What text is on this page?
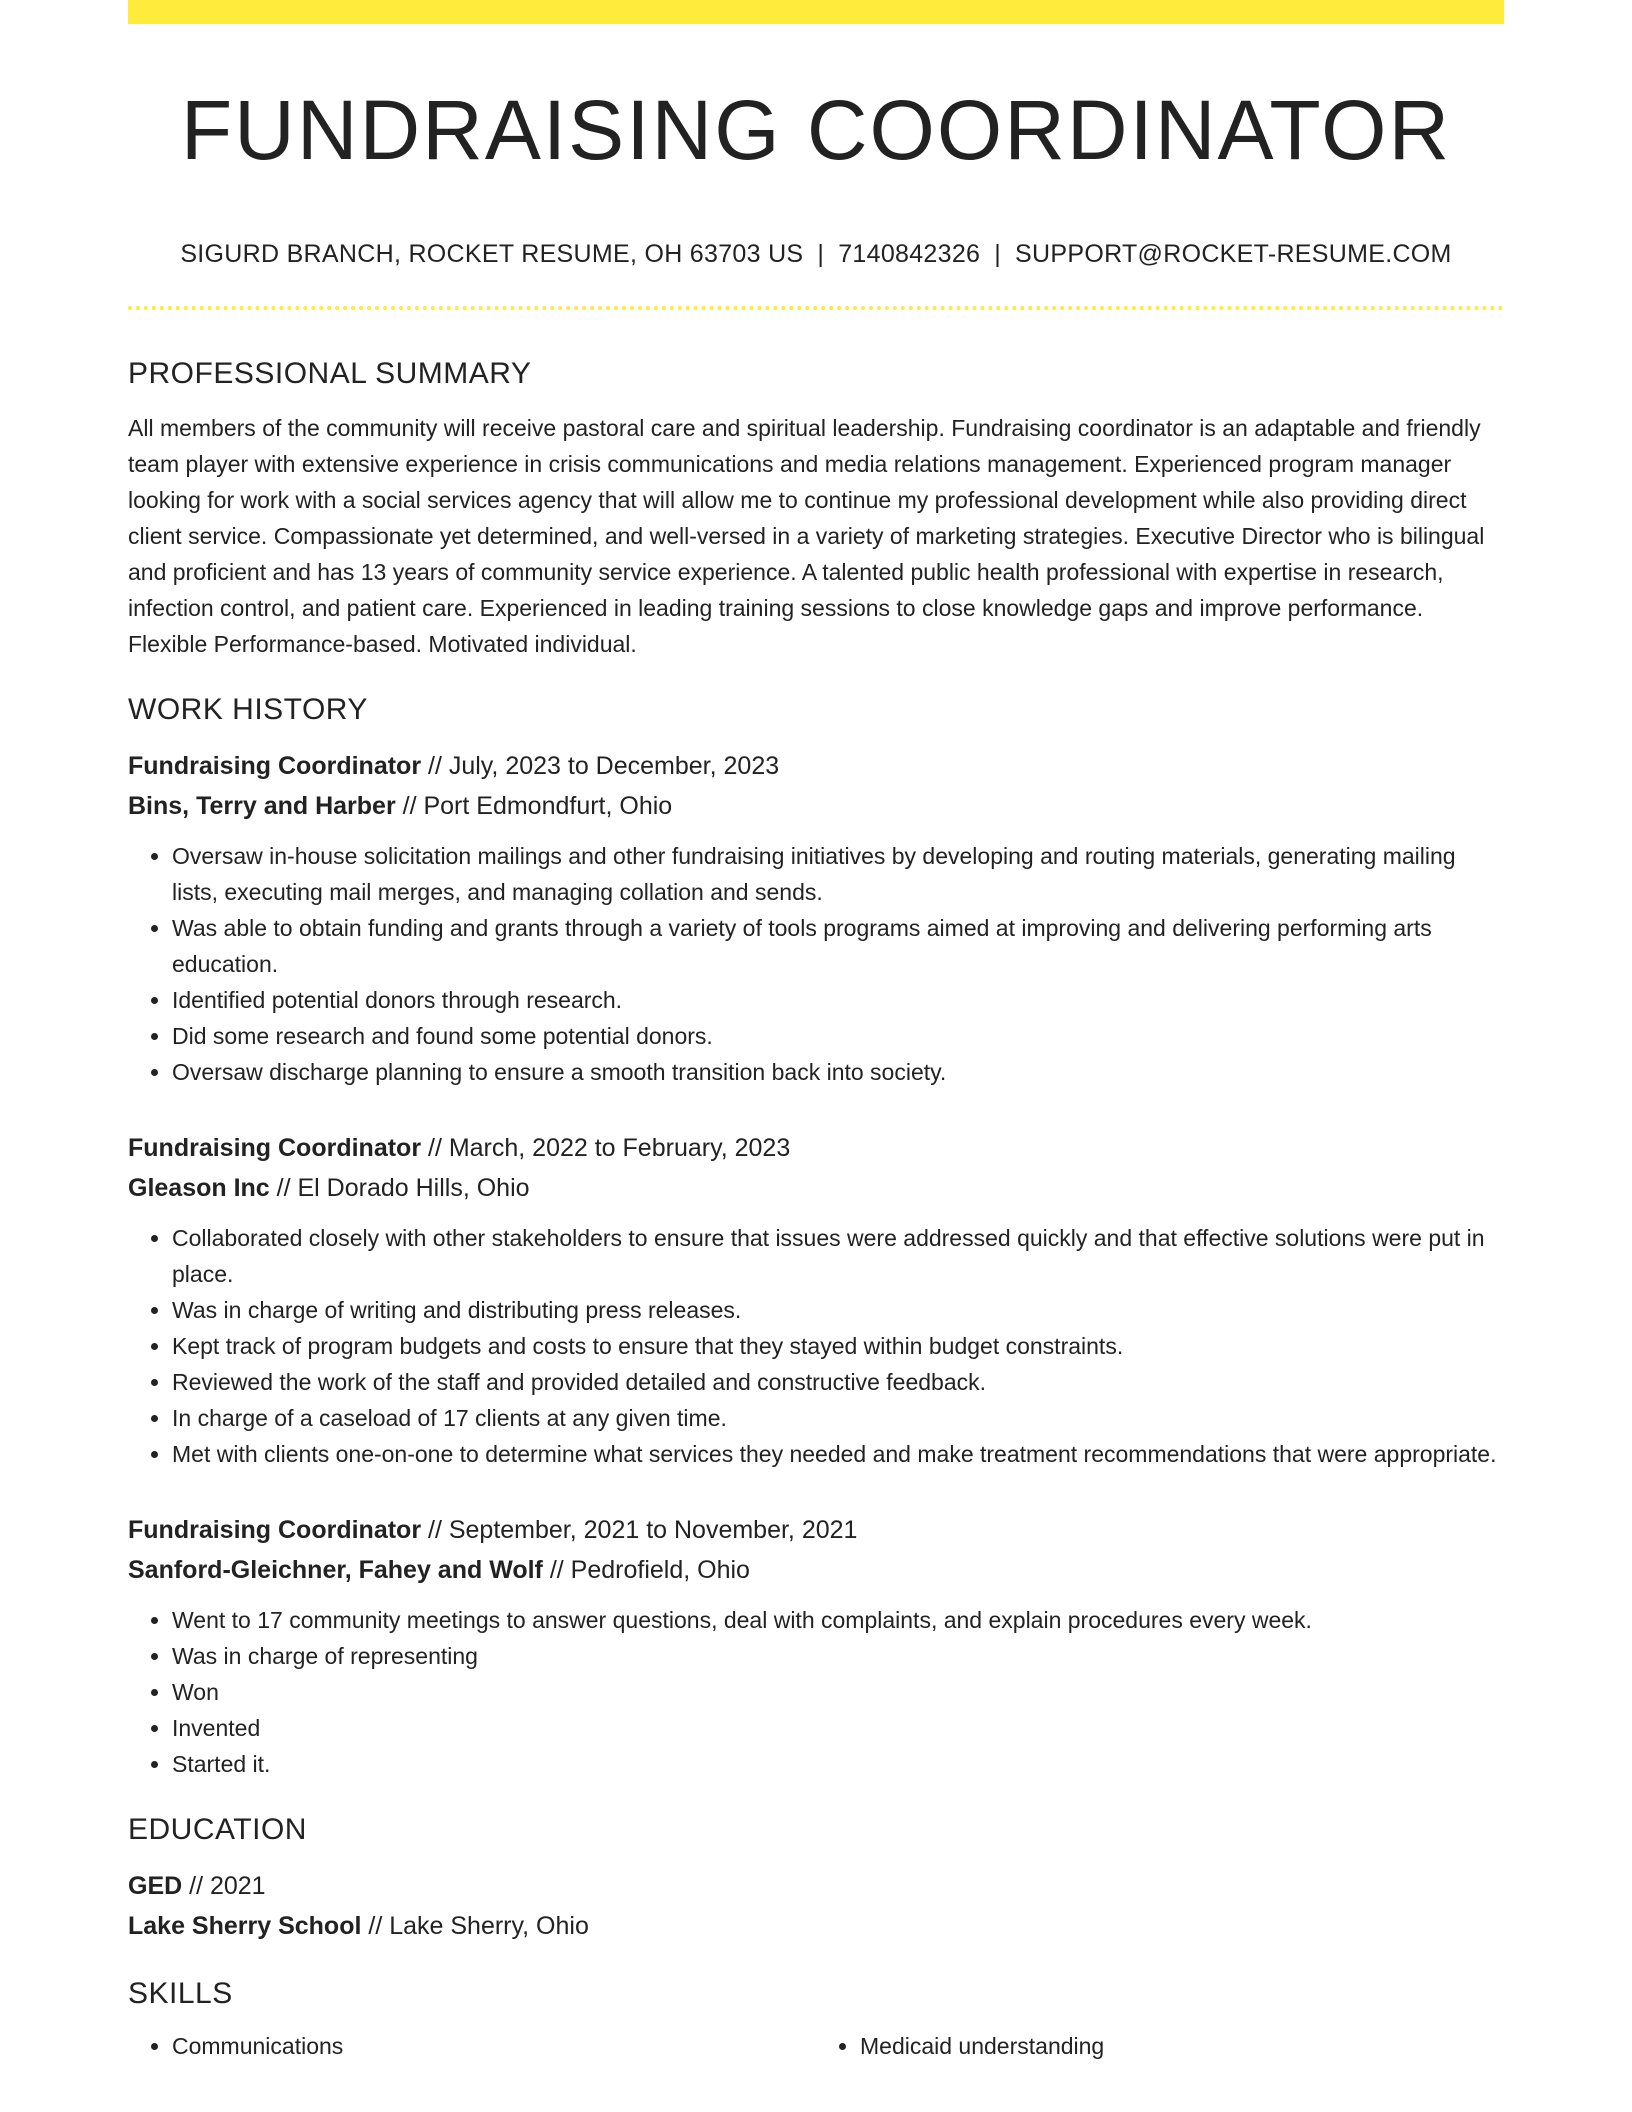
FUNDRAISING COORDINATOR
SIGURD BRANCH, ROCKET RESUME, OH 63703 US | 7140842326 | SUPPORT@ROCKET-RESUME.COM
PROFESSIONAL SUMMARY

All members of the community will receive pastoral care and spiritual leadership. Fundraising coordinator is an adaptable and friendly team player with extensive experience in crisis communications and media relations management. Experienced program manager looking for work with a social services agency that will allow me to continue my professional development while also providing direct client service. Compassionate yet determined, and well-versed in a variety of marketing strategies. Executive Director who is bilingual and proficient and has 13 years of community service experience. A talented public health professional with expertise in research, infection control, and patient care. Experienced in leading training sessions to close knowledge gaps and improve performance. Flexible Performance-based. Motivated individual.

WORK HISTORY
Fundraising Coordinator // July, 2023 to December, 2023
Bins, Terry and Harber // Port Edmondfurt, Ohio
• Oversaw in-house solicitation mailings and other fundraising initiatives by developing and routing materials, generating mailing lists, executing mail merges, and managing collation and sends.
• Was able to obtain funding and grants through a variety of tools programs aimed at improving and delivering performing arts education.
• Identified potential donors through research.
• Did some research and found some potential donors.
• Oversaw discharge planning to ensure a smooth transition back into society.
Fundraising Coordinator // March, 2022 to February, 2023
Gleason Inc // El Dorado Hills, Ohio
• Collaborated closely with other stakeholders to ensure that issues were addressed quickly and that effective solutions were put in place.
• Was in charge of writing and distributing press releases.
• Kept track of program budgets and costs to ensure that they stayed within budget constraints.
• Reviewed the work of the staff and provided detailed and constructive feedback.
• In charge of a caseload of 17 clients at any given time.
• Met with clients one-on-one to determine what services they needed and make treatment recommendations that were appropriate.
Fundraising Coordinator // September, 2021 to November, 2021
Sanford-Gleichner, Fahey and Wolf // Pedrofield, Ohio
• Went to 17 community meetings to answer questions, deal with complaints, and explain procedures every week.
• Was in charge of representing
• Won
• Invented
• Started it.
EDUCATION
GED // 2021
Lake Sherry School // Lake Sherry, Ohio
SKILLS
• Communications
•	Medicaid understanding
